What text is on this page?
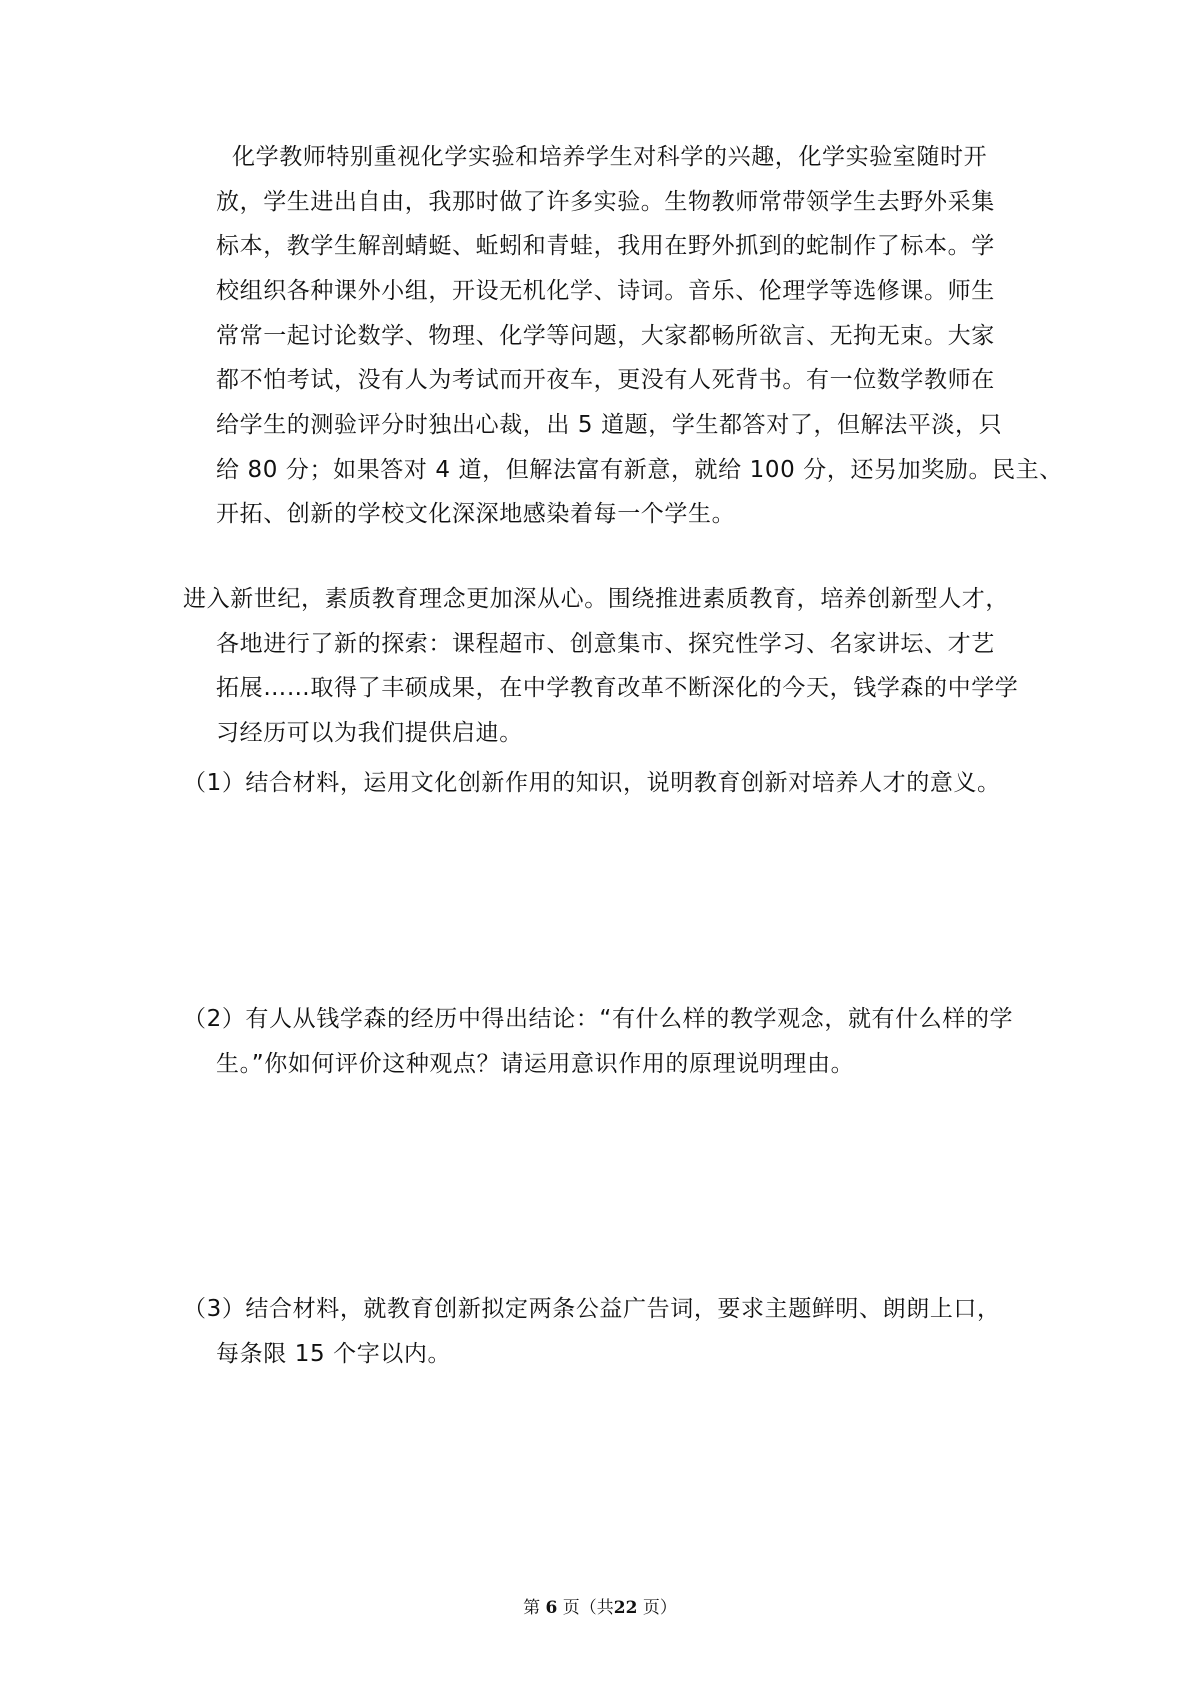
化学教师特别重视化学实验和培养学生对科学的兴趣，化学实验室随时开
放，学生进出自由，我那时做了许多实验。生物教师常带领学生去野外采集
标本，教学生解剖蜻蜓、蚯蚓和青蛙，我用在野外抓到的蛇制作了标本。学
校组织各种课外小组，开设无机化学、诗词。音乐、伦理学等选修课。师生
常常一起讨论数学、物理、化学等问题，大家都畅所欲言、无拘无束。大家
都不怕考试，没有人为考试而开夜车，更没有人死背书。有一位数学教师在
给学生的测验评分时独出心裁，出 5 道题，学生都答对了，但解法平淡，只
给 80 分；如果答对 4 道，但解法富有新意，就给 100 分，还另加奖励。民主、
开拓、创新的学校文化深深地感染着每一个学生。
进入新世纪，素质教育理念更加深从心。围绕推进素质教育，培养创新型人才，
各地进行了新的探索：课程超市、创意集市、探究性学习、名家讲坛、才艺
拓展……取得了丰硕成果，在中学教育改革不断深化的今天，钱学森的中学学
习经历可以为我们提供启迪。
（1）结合材料，运用文化创新作用的知识，说明教育创新对培养人才的意义。
（2）有人从钱学森的经历中得出结论：“有什么样的教学观念，就有什么样的学
生。”你如何评价这种观点？请运用意识作用的原理说明理由。
（3）结合材料，就教育创新拟定两条公益广告词，要求主题鲜明、朗朗上口，
每条限 15 个字以内。
第 6 页（共22 页）
